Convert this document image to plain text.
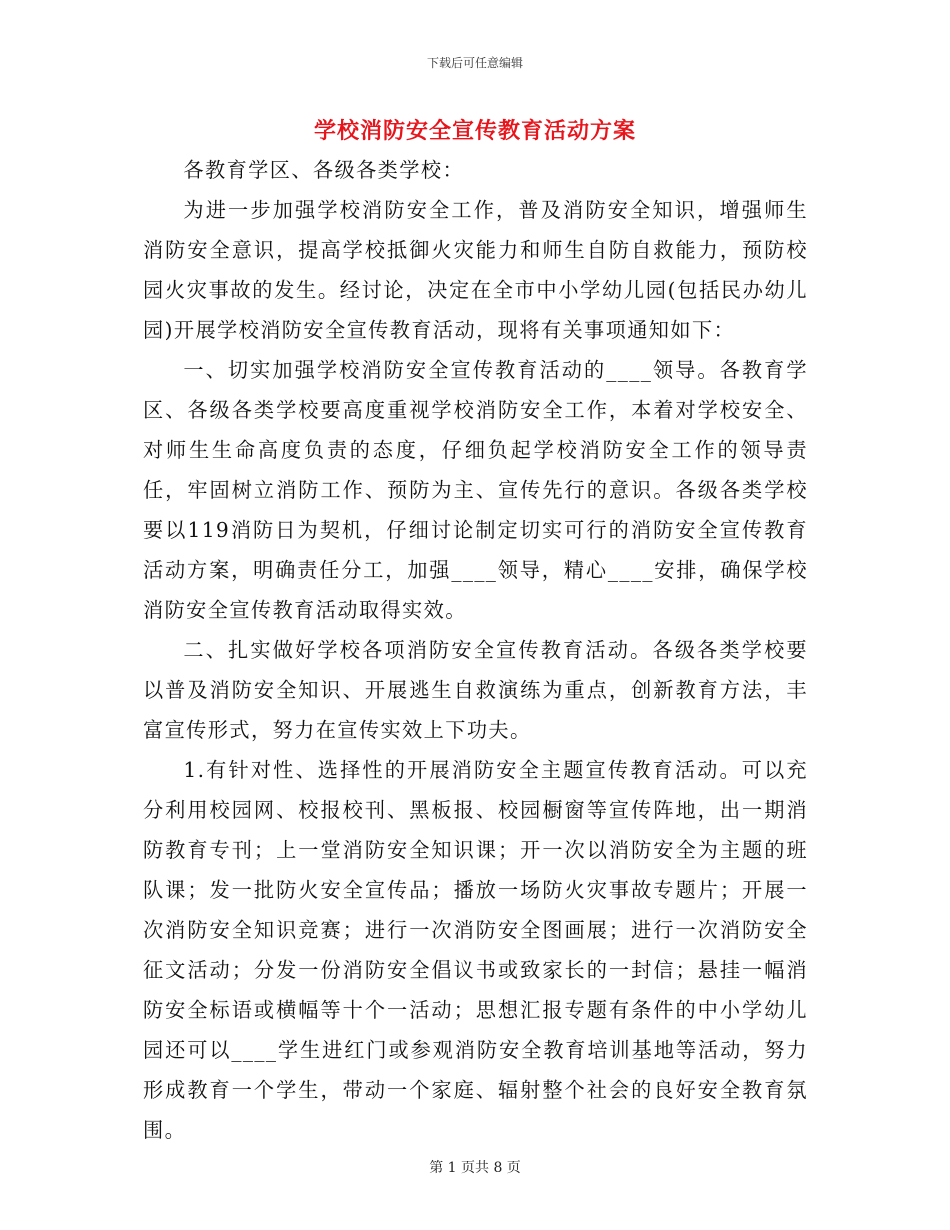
下载后可任意编辑
学校消防安全宣传教育活动方案

各教育学区、各级各类学校：

为进一步加强学校消防安全工作，普及消防安全知识，增强师生消防安全意识，提高学校抵御火灾能力和师生自防自救能力，预防校园火灾事故的发生。经讨论，决定在全市中小学幼儿园(包括民办幼儿园)开展学校消防安全宣传教育活动，现将有关事项通知如下：

一、切实加强学校消防安全宣传教育活动的____领导。各教育学区、各级各类学校要高度重视学校消防安全工作，本着对学校安全、对师生生命高度负责的态度，仔细负起学校消防安全工作的领导责任，牢固树立消防工作、预防为主、宣传先行的意识。各级各类学校要以119消防日为契机，仔细讨论制定切实可行的消防安全宣传教育活动方案，明确责任分工，加强____领导，精心____安排，确保学校消防安全宣传教育活动取得实效。

二、扎实做好学校各项消防安全宣传教育活动。各级各类学校要以普及消防安全知识、开展逃生自救演练为重点，创新教育方法，丰富宣传形式，努力在宣传实效上下功夫。

1.有针对性、选择性的开展消防安全主题宣传教育活动。可以充分利用校园网、校报校刊、黑板报、校园橱窗等宣传阵地，出一期消防教育专刊；上一堂消防安全知识课；开一次以消防安全为主题的班队课；发一批防火安全宣传品；播放一场防火灾事故专题片；开展一次消防安全知识竞赛；进行一次消防安全图画展；进行一次消防安全征文活动；分发一份消防安全倡议书或致家长的一封信；悬挂一幅消防安全标语或横幅等十个一活动；思想汇报专题有条件的中小学幼儿园还可以____学生进红门或参观消防安全教育培训基地等活动，努力形成教育一个学生，带动一个家庭、辐射整个社会的良好安全教育氛围。

第 1 页共 8 页
